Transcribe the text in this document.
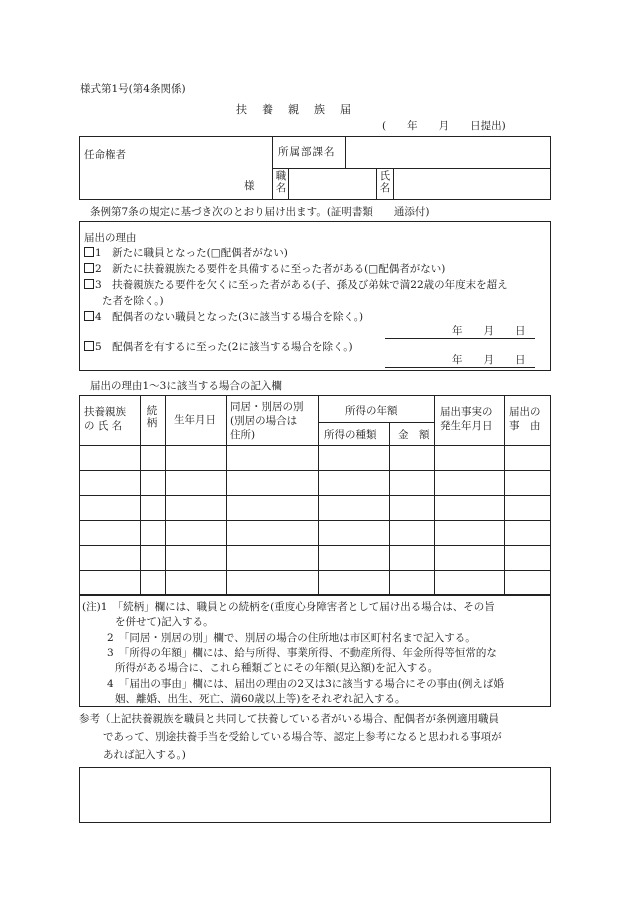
様式第1号(第4条関係)
扶　養　親　族　届
(　　年　　月　　日提出)
任命権者
様
所属部課名
職
名
氏
名
条例第7条の規定に基づき次のとおり届け出ます。(証明書類　　通添付)
届出の理由
1　新たに職員となった(□配偶者がない)
2　新たに扶養親族たる要件を具備するに至った者がある(□配偶者がない)
3　扶養親族たる要件を欠くに至った者がある(子、孫及び弟妹で満22歳の年度末を超え
た者を除く。)
4　配偶者のない職員となった(3に該当する場合を除く。)
年　　月　　日
5　配偶者を有するに至った(2に該当する場合を除く。)
年　　月　　日
届出の理由1〜3に該当する場合の記入欄
扶養親族
の 氏 名
続
柄 生年月日
同居・別居の別
(別居の場合は
住所)
所得の年額
所得の種類 金　額
届出事実の
発生年月日
届出の
事　由
(注)1　「続柄」欄には、職員との続柄を(重度心身障害者として届け出る場合は、その旨
を併せて)記入する。
2　「同居・別居の別」欄で、別居の場合の住所地は市区町村名まで記入する。
3　「所得の年額」欄には、給与所得、事業所得、不動産所得、年金所得等恒常的な
所得がある場合に、これら種類ごとにその年額(見込額)を記入する。
4　「届出の事由」欄には、届出の理由の2又は3に該当する場合にその事由(例えば婚
姻、離婚、出生、死亡、満60歳以上等)をそれぞれ記入する。
参考（上記扶養親族を職員と共同して扶養している者がいる場合、配偶者が条例適用職員
であって、別途扶養手当を受給している場合等、認定上参考になると思われる事項が
あれば記入する。)
